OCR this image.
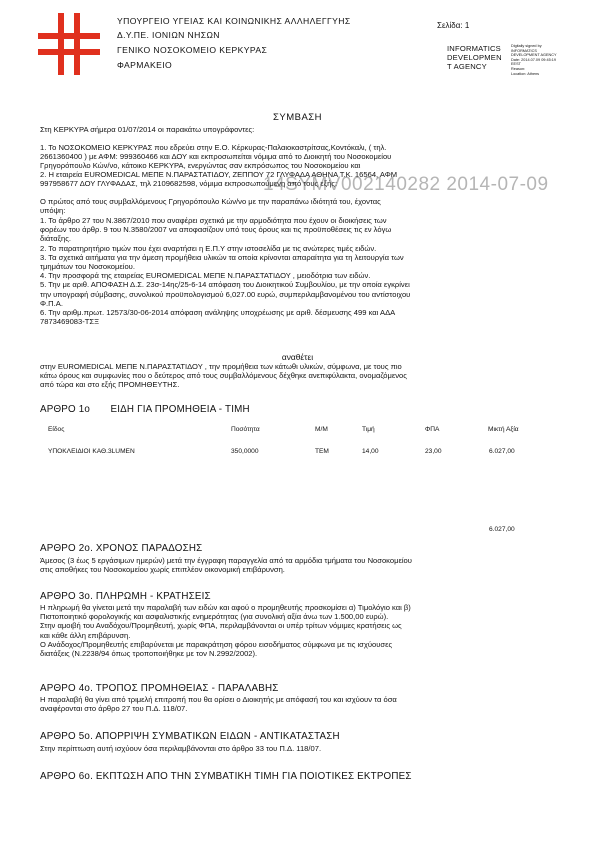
ΥΠΟΥΡΓΕΙΟ ΥΓΕΙΑΣ ΚΑΙ ΚΟΙΝΩΝΙΚΗΣ ΑΛΛΗΛΕΓΓΥΗΣ
Δ.Υ.ΠΕ. ΙΟΝΙΩΝ ΝΗΣΩΝ
ΓΕΝΙΚΟ ΝΟΣΟΚΟΜΕΙΟ ΚΕΡΚΥΡΑΣ
ΦΑΡΜΑΚΕΙΟ
Σελίδα: 1
INFORMATICS
DEVELOPMEN
T AGENCY
Digitally signed by
INFORMATICS
DEVELOPMENT AGENCY
Date: 2014.07.09 09:45:19
EEST
Reason:
Location: Athens
ΣΥΜΒΑΣΗ
Στη ΚΕΡΚΥΡΑ σήμερα 01/07/2014 οι παρακάτω υπογράφοντες:
1. Το ΝΟΣΟΚΟΜΕΙΟ ΚΕΡΚΥΡΑΣ που εδρεύει στην Ε.Ο. Κέρκυρας-Παλαιοκαστρίτσας,Κοντόκαλι, ( τηλ.
2661360400 ) με ΑΦΜ: 999360466 και ΔΟΥ και εκπροσωπείται νόμιμα από το Διοικητή του Νοσοκομείου
Γρηγορόπουλο Κών/νο, κάτοικο ΚΕΡΚΥΡΑ, ενεργώντας σαν εκπρόσωπος του Νοσοκομείου και
2. Η εταιρεία EUROMEDICAL ΜΕΠΕ Ν.ΠΑΡΑΣΤΑΤΙΔΟΥ, ΖΕΠΠΟΥ 72 ΓΛΥΦΑΔΑ ΑΘΗΝΑ Τ.Κ. 16564, ΑΦΜ
997958677 ΔΟΥ ΓΛΥΦΑΔΑΣ, τηλ 2109682598, νόμιμα εκπροσωπούμενη από τους εξής:
14SYMV002140282 2014-07-09
Ο πρώτος από τους συμβαλλόμενους Γρηγορόπουλο Κών/νο με την παραπάνω ιδιότητά του, έχοντας
υπόψη:
1. Το άρθρο 27 του Ν.3867/2010 που αναφέρει σχετικά με την αρμοδιότητα που έχουν οι διοικήσεις των
φορέων του άρθρ. 9 του Ν.3580/2007 να αποφασίζουν υπό τους όρους και τις προϋποθέσεις τις εν λόγω
διάταξης.
2. Το παρατηρητήριο τιμών που έχει αναρτήσει η Ε.Π.Υ στην ιστοσελίδα με τις ανώτερες τιμές ειδών.
3. Τα σχετικά αιτήματα για την άμεση προμήθεια υλικών τα οποία κρίνονται απαραίτητα για τη λειτουργία των
τμημάτων του Νοσοκομείου.
4. Την προσφορά της εταιρείας EUROMEDICAL ΜΕΠΕ Ν.ΠΑΡΑΣΤΑΤΙΔΟΥ , μειοδότρια των ειδών.
5. Την με αριθ. ΑΠΟΦΑΣΗ Δ.Σ. 23σ-14ης/25-6-14 απόφαση του Διοικητικού Συμβουλίου, με την οποία εγκρίνει
την υπογραφή σύμβασης, συνολικού προϋπολογισμού 6,027.00 ευρώ, συμπεριλαμβανομένου του αντίστοιχου
Φ.Π.Α.
6. Την αριθμ.πρωτ. 12573/30-06-2014 απόφαση ανάληψης υποχρέωσης με αριθ. δέσμευσης 499 και ΑΔΑ
7873469083-ΤΣΞ
αναθέτει
στην EUROMEDICAL ΜΕΠΕ Ν.ΠΑΡΑΣΤΑΤΙΔΟΥ , την προμήθεια των κάτωθι υλικών, σύμφωνα, με τους πιο
κάτω όρους και συμφωνίες που ο δεύτερος από τους συμβαλλόμενους δέχθηκε ανεπιφύλακτα, ονομαζόμενος
από τώρα και στο εξής ΠΡΟΜΗΘΕΥΤΗΣ.
ΑΡΘΡΟ 1ο       ΕΙΔΗ ΓΙΑ ΠΡΟΜΗΘΕΙΑ - ΤΙΜΗ
Είδος	Ποσότητα	Μ/Μ	Τιμή	ΦΠΑ	Μικτή Αξία
ΥΠΟΚΛΕΙΔΙΟΙ ΚΑΘ.3LUMEN	350,0000	ΤΕΜ	14,00	23,00	6.027,00
6.027,00
ΑΡΘΡΟ 2ο. ΧΡΟΝΟΣ ΠΑΡΑΔΟΣΗΣ
Άμεσος (3 έως 5 εργάσιμων ημερών) μετά την έγγραφη παραγγελία από τα αρμόδια τμήματα του Νοσοκομείου
στις αποθήκες του Νοσοκομείου χωρίς επιπλέον οικονομική επιβάρυνση.
ΑΡΘΡΟ 3ο. ΠΛΗΡΩΜΗ - ΚΡΑΤΗΣΕΙΣ
Η πληρωμή θα γίνεται μετά την παραλαβή των ειδών και αφού ο προμηθευτής προσκομίσει α) Τιμολόγιο και β)
Πιστοποιητικό φορολογικής και ασφαλιστικής ενημερότητας (για συνολική αξία άνω των 1.500,00 ευρώ).
Στην αμοιβή του Αναδόχου/Προμηθευτή, χωρίς ΦΠΑ, περιλαμβάνονται οι υπέρ τρίτων νόμιμες κρατήσεις ως
και κάθε άλλη επιβάρυνση.
Ο Ανάδοχος/Προμηθευτής επιβαρύνεται με παρακράτηση φόρου εισοδήματος σύμφωνα με τις ισχύουσες
διατάξεις (Ν.2238/94 όπως τροποποιήθηκε με τον Ν.2992/2002).
ΑΡΘΡΟ 4ο. ΤΡΟΠΟΣ ΠΡΟΜΗΘΕΙΑΣ - ΠΑΡΑΛΑΒΗΣ
Η παραλαβή θα γίνει από τριμελή επιτροπή που θα ορίσει ο Διοικητής με απόφασή του και ισχύουν τα όσα
αναφέρονται στο άρθρο 27 του Π.Δ. 118/07.
ΑΡΘΡΟ 5ο. ΑΠΟΡΡΙΨΗ ΣΥΜΒΑΤΙΚΩΝ ΕΙΔΩΝ - ΑΝΤΙΚΑΤΑΣΤΑΣΗ
Στην περίπτωση αυτή ισχύουν όσα περιλαμβάνονται στο άρθρο 33 του Π.Δ. 118/07.
ΑΡΘΡΟ 6ο. ΕΚΠΤΩΣΗ ΑΠΟ ΤΗΝ ΣΥΜΒΑΤΙΚΗ ΤΙΜΗ ΓΙΑ ΠΟΙΟΤΙΚΕΣ ΕΚΤΡΟΠΕΣ
